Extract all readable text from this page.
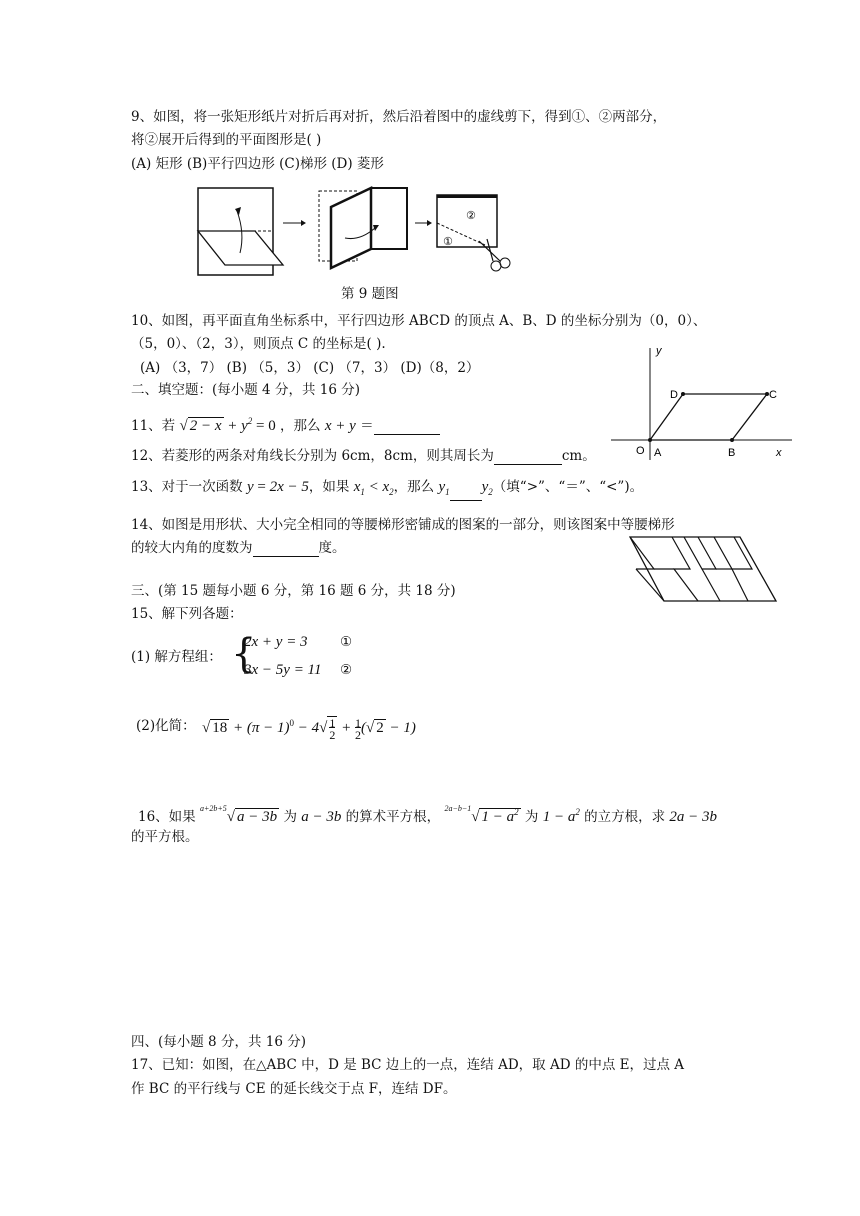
9、如图，将一张矩形纸片对折后再对折，然后沿着图中的虚线剪下，得到①、②两部分，
将②展开后得到的平面图形是( )
(A) 矩形 (B)平行四边形 (C)梯形 (D) 菱形
②
①
第 9 题图
10、如图，再平面直角坐标系中，平行四边形 ABCD 的顶点 A、B、D 的坐标分别为（0，0）、
（5，0）、（2，3），则顶点 C 的坐标是( ).
(A) （3，7） (B) （5，3） (C) （7，3） (D)（8，2）
y
x
O A	B
C
D
二、填空题：(每小题 4 分，共 16 分)
11、若 √ $2 - x + y^2 = 0$ ，那么 x + y ＝
12、若菱形的两条对角线长分别为 6cm，8cm，则其周长为	cm。
13、对于一次函数 y = 2x − 5，如果 $x_1 < x_2$，那么 $y_1$ $y_2$（填“>”、“＝”、“<”)。
14、如图是用形状、大小完全相同的等腰梯形密铺成的图案的一部分，则该图案中等腰梯形
的较大内角的度数为	度。
三、(第 15 题每小题 6 分，第 16 题 6 分，共 18 分)
15、解下列各题：
(1) 解方程组： {
2x + y = 3 ①
3x − 5y = 11 ②
(2)化简： √ $18 + (\pi - 1)^0 - 4√\frac{1}{2} + \frac{1}{2}(√$ 2 − 1)
16、如果 $^{a+2b+5}$√ a − 3b 为 a − 3b 的算术平方根， $^{2a-b-1}$√ $1 - a^2$ 为 $1 - a^2$ 的立方根，求 2a − 3b
的平方根。
四、(每小题 8 分，共 16 分)
17、已知：如图，在△ABC 中，D 是 BC 边上的一点，连结 AD，取 AD 的中点 E，过点 A
作 BC 的平行线与 CE 的延长线交于点 F，连结 DF。
